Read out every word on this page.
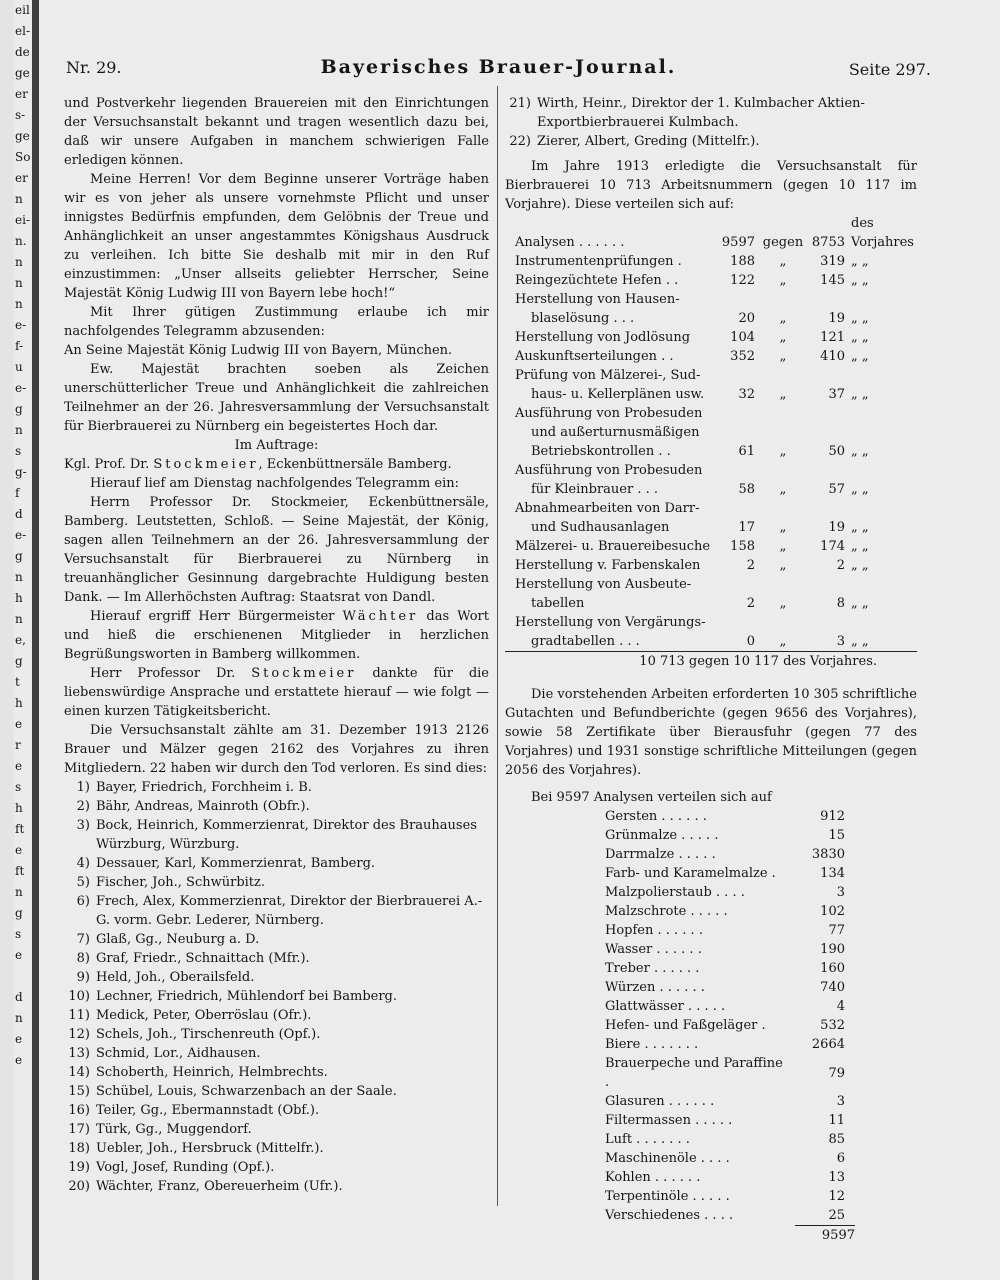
eil
el-
de
ge
er
s-
ge
So
er
n
ei-
n.
n
n
n
e-
f-
u
e-
g
n
s
g-
f
d
e-
g
n
h
n
e,
g
t
h
e
r
e
s
h
ft
e
ft
n
g
s
e
d
n
e
e
Nr. 29.	Bayerisches Brauer-Journal.	Seite 297.

und Postverkehr liegenden Brauereien mit den Einrichtungen der Versuchsanstalt bekannt und tragen wesentlich dazu bei, daß wir unsere Aufgaben in manchem schwierigen Falle erledigen können.

Meine Herren! Vor dem Beginne unserer Vorträge haben wir es von jeher als unsere vornehmste Pflicht und unser innigstes Bedürfnis empfunden, dem Gelöbnis der Treue und Anhänglichkeit an unser angestammtes Königshaus Ausdruck zu verleihen. Ich bitte Sie deshalb mit mir in den Ruf einzustimmen: „Unser allseits geliebter Herrscher, Seine Majestät König Ludwig III von Bayern lebe hoch!“

Mit Ihrer gütigen Zustimmung erlaube ich mir nachfolgendes Telegramm abzusenden:

An Seine Majestät König Ludwig III von Bayern, München.

Ew. Majestät brachten soeben als Zeichen unerschütterlicher Treue und Anhänglichkeit die zahlreichen Teilnehmer an der 26. Jahresversammlung der Versuchsanstalt für Bierbrauerei zu Nürnberg ein begeistertes Hoch dar.

Im Auftrage:

Kgl. Prof. Dr. Stockmeier, Eckenbüttnersäle Bamberg.

Hierauf lief am Dienstag nachfolgendes Telegramm ein:

Herrn Professor Dr. Stockmeier, Eckenbüttnersäle, Bamberg. Leutstetten, Schloß. — Seine Majestät, der König, sagen allen Teilnehmern an der 26. Jahresversammlung der Versuchsanstalt für Bierbrauerei zu Nürnberg in treuanhänglicher Gesinnung dargebrachte Huldigung besten Dank. — Im Allerhöchsten Auftrag: Staatsrat von Dandl.

Hierauf ergriff Herr Bürgermeister Wächter das Wort und hieß die erschienenen Mitglieder in herzlichen Begrüßungsworten in Bamberg willkommen.

Herr Professor Dr. Stockmeier dankte für die liebenswürdige Ansprache und erstattete hierauf — wie folgt — einen kurzen Tätigkeitsbericht.

Die Versuchsanstalt zählte am 31. Dezember 1913 2126 Brauer und Mälzer gegen 2162 des Vorjahres zu ihren Mitgliedern. 22 haben wir durch den Tod verloren. Es sind dies:

1) Bayer, Friedrich, Forchheim i. B.
2) Bähr, Andreas, Mainroth (Obfr.).
3) Bock, Heinrich, Kommerzienrat, Direktor des Brauhauses Würzburg, Würzburg.
4) Dessauer, Karl, Kommerzienrat, Bamberg.
5) Fischer, Joh., Schwürbitz.
6) Frech, Alex, Kommerzienrat, Direktor der Bierbrauerei A.-G. vorm. Gebr. Lederer, Nürnberg.
7) Glaß, Gg., Neuburg a. D.
8) Graf, Friedr., Schnaittach (Mfr.).
9) Held, Joh., Oberailsfeld.
10) Lechner, Friedrich, Mühlendorf bei Bamberg.
11) Medick, Peter, Oberröslau (Ofr.).
12) Schels, Joh., Tirschenreuth (Opf.).
13) Schmid, Lor., Aidhausen.
14) Schoberth, Heinrich, Helmbrechts.
15) Schübel, Louis, Schwarzenbach an der Saale.
16) Teiler, Gg., Ebermannstadt (Obf.).
17) Türk, Gg., Muggendorf.
18) Uebler, Joh., Hersbruck (Mittelfr.).
19) Vogl, Josef, Runding (Opf.).
20) Wächter, Franz, Obereuerheim (Ufr.).
21) Wirth, Heinr., Direktor der 1. Kulmbacher Aktien-Exportbierbrauerei Kulmbach.
22) Zierer, Albert, Greding (Mittelfr.).

Im Jahre 1913 erledigte die Versuchsanstalt für Bierbrauerei 10 713 Arbeitsnummern (gegen 10 117 im Vorjahre). Diese verteilen sich auf:

Analysen . . . . . .	9597	gegen	8753	des Vorjahres
Instrumentenprüfungen .	188	„	319	„ „
Reingezüchtete Hefen . .	122	„	145	„ „
Herstellung von Hausen-				
blaselösung . . .	20	„	19	„ „
Herstellung von Jodlösung	104	„	121	„ „
Auskunftserteilungen . .	352	„	410	„ „
Prüfung von Mälzerei-, Sud-				
haus- u. Kellerplänen usw.	32	„	37	„ „
Ausführung von Probesuden				
und außerturnusmäßigen				
Betriebskontrollen . .	61	„	50	„ „
Ausführung von Probesuden				
für Kleinbrauer . . .	58	„	57	„ „
Abnahmearbeiten von Darr-				
und Sudhausanlagen	17	„	19	„ „
Mälzerei- u. Brauereibesuche	158	„	174	„ „
Herstellung v. Farbenskalen	2	„	2	„ „
Herstellung von Ausbeute-				
tabellen	2	„	8	„ „
Herstellung von Vergärungs-				
gradtabellen . . .	0	„	3	„ „
10 713 gegen 10 117 des Vorjahres.

Die vorstehenden Arbeiten erforderten 10 305 schriftliche Gutachten und Befundberichte (gegen 9656 des Vorjahres), sowie 58 Zertifikate über Bierausfuhr (gegen 77 des Vorjahres) und 1931 sonstige schriftliche Mitteilungen (gegen 2056 des Vorjahres).

Bei 9597 Analysen verteilen sich auf

Gersten . . . . . .	912
Grünmalze . . . . .	15
Darrmalze . . . . .	3830
Farb- und Karamelmalze .	134
Malzpolierstaub . . . .	3
Malzschrote . . . . .	102
Hopfen . . . . . .	77
Wasser . . . . . .	190
Treber . . . . . .	160
Würzen . . . . . .	740
Glattwässer . . . . .	4
Hefen- und Faßgeläger .	532
Biere . . . . . . .	2664
Brauerpeche und Paraffine .	79
Glasuren . . . . . .	3
Filtermassen . . . . .	11
Luft . . . . . . .	85
Maschinenöle . . . .	6
Kohlen . . . . . .	13
Terpentinöle . . . . .	12
Verschiedenes . . . .	25
9597
